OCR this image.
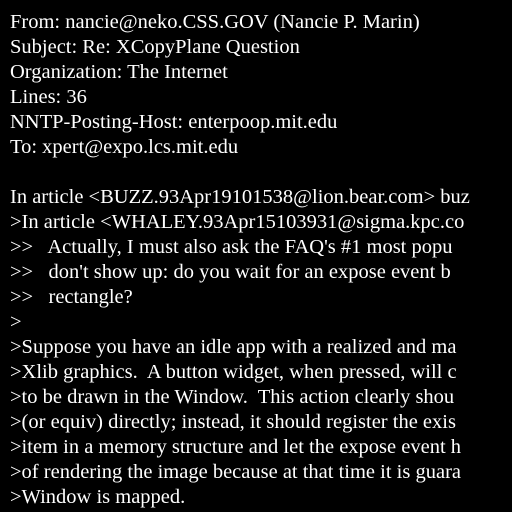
From: nancie@neko.CSS.GOV (Nancie P. Marin)
Subject: Re: XCopyPlane Question
Organization: The Internet
Lines: 36
NNTP-Posting-Host: enterpoop.mit.edu
To: xpert@expo.lcs.mit.edu
In article <BUZZ.93Apr19101538@lion.bear.com> buz
>In article <WHALEY.93Apr15103931@sigma.kpc.co
>>   Actually, I must also ask the FAQ's #1 most popu
>>   don't show up: do you wait for an expose event b
>>   rectangle?
>
>Suppose you have an idle app with a realized and ma
>Xlib graphics.  A button widget, when pressed, will c
>to be drawn in the Window.  This action clearly shou
>(or equiv) directly; instead, it should register the exis
>item in a memory structure and let the expose event h
>of rendering the image because at that time it is guara
>Window is mapped.
